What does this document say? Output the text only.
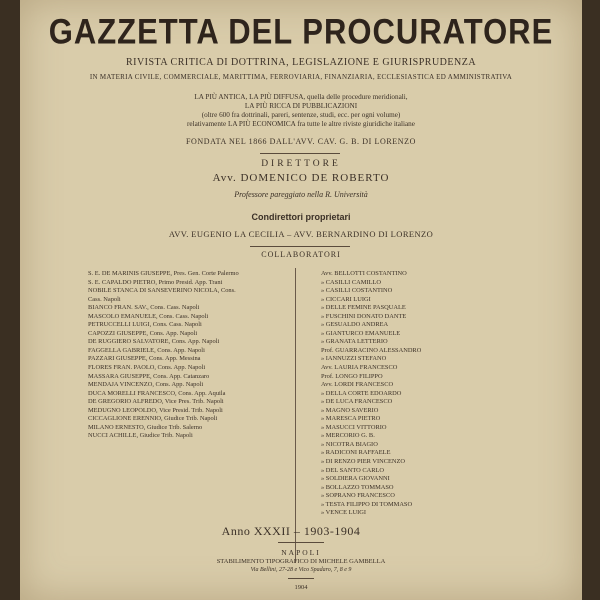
GAZZETTA DEL PROCURATORE
RIVISTA CRITICA DI DOTTRINA, LEGISLAZIONE E GIURISPRUDENZA
IN MATERIA CIVILE, COMMERCIALE, MARITTIMA, FERROVIARIA, FINANZIARIA, ECCLESIASTICA ED AMMINISTRATIVA
LA PIÙ ANTICA, LA PIÙ DIFFUSA, quella delle procedure meridionali,
LA PIÙ RICCA DI PUBBLICAZIONI
(oltre 600 fra dottrinali, pareri, sentenze, studi, ecc. per ogni volume)
relativamente LA PIÙ ECONOMICA fra tutte le altre riviste giuridiche italiane
FONDATA NEL 1866 DALL'AVV. CAV. G. B. DI LORENZO
DIRETTORE
Avv. DOMENICO DE ROBERTO
Professore pareggiato nella R. Università
Condirettori proprietari
AVV. EUGENIO LA CECILIA – AVV. BERNARDINO DI LORENZO
COLLABORATORI
S. E. DE MARINIS GIUSEPPE, Pres. Gen. Corte Palermo
S. E. CAPALDO PIETRO, Primo Presid. App. Trani
NOBILE STANCA DI SANSEVERINO NICOLA, Cons.
Cass. Napoli
BIANCO FRAN. SAV., Cons. Cass. Napoli
MASCOLO EMANUELE, Cons. Cass. Napoli
PETRUCCELLI LUIGI, Cons. Cass. Napoli
CAPOZZI GIUSEPPE, Cons. App. Napoli
DE RUGGIERO SALVATORE, Cons. App. Napoli
FAGGELLA GABRIELE, Cons. App. Napoli
PAZZARI GIUSEPPE, Cons. App. Messina
FLORES FRAN. PAOLO, Cons. App. Napoli
MASSARA GIUSEPPE, Cons. App. Catanzaro
MENDAJA VINCENZO, Cons. App. Napoli
DUCA MORELLI FRANCESCO, Cons. App. Aquila
DE GREGORIO ALFREDO, Vice Pres. Trib. Napoli
MEDUGNO LEOPOLDO, Vice Presid. Trib. Napoli
CICCAGLIONE ERENNIO, Giudice Trib. Napoli
MILANO ERNESTO, Giudice Trib. Salerno
NUCCI ACHILLE, Giudice Trib. Napoli
Avv. BELLOTTI COSTANTINO
» CASILLI CAMILLO
» CASILLI COSTANTINO
» CICCARI LUIGI
» DELLE FEMINE PASQUALE
» FUSCHINI DONATO DANTE
» GESUALDO ANDREA
» GIANTURCO EMANUELE
» GRANATA LETTERIO
Prof. GUARRACINO ALESSANDRO
» IANNUZZI STEFANO
Avv. LAURIA FRANCESCO
Prof. LONGO FILIPPO
Avv. LORDI FRANCESCO
» DELLA CORTE EDOARDO
» DE LUCA FRANCESCO
» MAGNO SAVERIO
» MARESCA PIETRO
» MASUCCI VITTORIO
» MERCORIO G. B.
» NICOTRA BIAGIO
» RADICONI RAFFAELE
» DI RENZO PIER VINCENZO
» DEL SANTO CARLO
» SOLDIERA GIOVANNI
» BOLLAZZO TOMMASO
» SOPRANO FRANCESCO
» TESTA FILIPPO DI TOMMASO
» VENCE LUIGI
Anno XXXII – 1903-1904
NAPOLI
STABILIMENTO TIPOGRAFICO DI MICHELE GAMBELLA
Via Bellini, 27-28 e Vico Spadaro, 7, 8 e 9
1904
